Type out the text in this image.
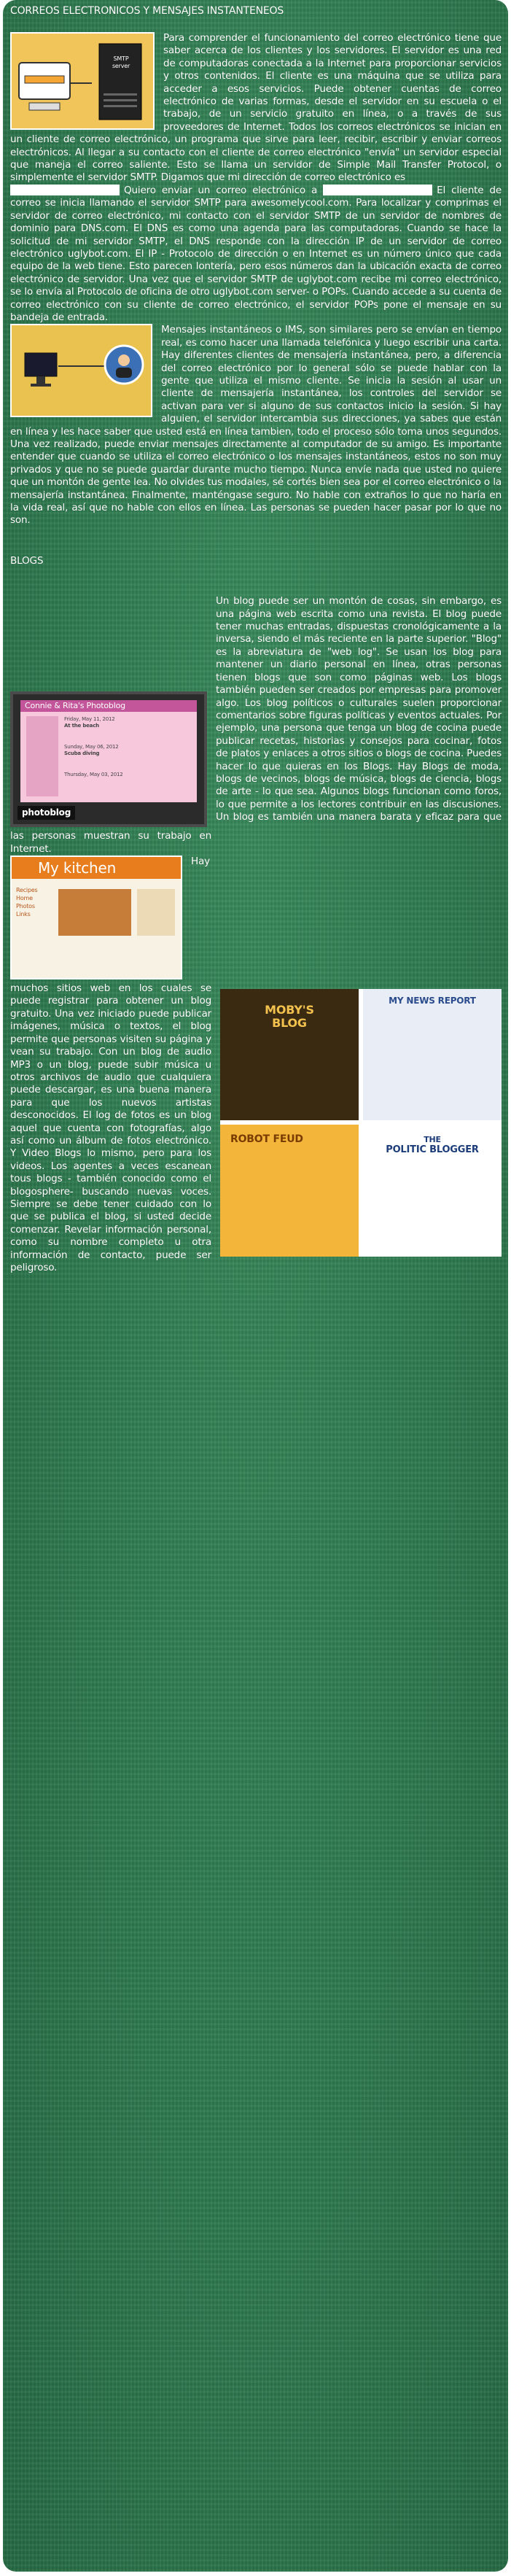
CORREOS ELECTRONICOS Y MENSAJES INSTANTENEOS

SMTP server

Para comprender el funcionamiento del correo electrónico tiene que saber acerca de los clientes y los servidores. El servidor es una red de computadoras conectada a la Internet para proporcionar servicios y otros contenidos. El cliente es una máquina que se utiliza para acceder a esos servicios. Puede obtener cuentas de correo electrónico de varias formas, desde el servidor en su escuela o el trabajo, de un servicio gratuito en línea, o a través de sus proveedores de Internet. Todos los correos electrónicos se inician en un cliente de correo electrónico, un programa que sirve para leer, recibir, escribir y enviar correos electrónicos. Al llegar a su contacto con el cliente de correo electrónico "envía" un servidor especial que maneja el correo saliente. Esto se llama un servidor de Simple Mail Transfer Protocol, o simplemente el servidor SMTP. Digamos que mi dirección de correo electrónico es

Quiero enviar un correo electrónico a	El cliente de correo se inicia llamando el servidor SMTP para awesomelycool.com. Para localizar y comprimas el servidor de correo electrónico, mi contacto con el servidor SMTP de un servidor de nombres de dominio para DNS.com. El DNS es como una agenda para las computadoras. Cuando se hace la solicitud de mi servidor SMTP, el DNS responde con la dirección IP de un servidor de correo electrónico uglybot.com. El IP - Protocolo de dirección o en Internet es un número único que cada equipo de la web tiene. Esto parecen lontería, pero esos números dan la ubicación exacta de correo electrónico de servidor. Una vez que el servidor SMTP de uglybot.com recibe mi correo electrónico, se lo envía al Protocolo de oficina de otro uglybot.com server- o POPs. Cuando accede a su cuenta de correo electrónico con su cliente de correo electrónico, el servidor POPs pone el mensaje en su bandeja de entrada.

Mensajes instantáneos o IMS, son similares pero se envían en tiempo real, es como hacer una llamada telefónica y luego escribir una carta. Hay diferentes clientes de mensajería instantánea, pero, a diferencia del correo electrónico por lo general sólo se puede hablar con la gente que utiliza el mismo cliente. Se inicia la sesión al usar un cliente de mensajería instantánea, los controles del servidor se activan para ver si alguno de sus contactos inicio la sesión. Si hay alguien, el servidor intercambia sus direcciones, ya sabes que están en línea y les hace saber que usted está en línea tambien, todo el proceso sólo toma unos segundos. Una vez realizado, puede enviar mensajes directamente al computador de su amigo. Es importante entender que cuando se utiliza el correo electrónico o los mensajes instantáneos, estos no son muy privados y que no se puede guardar durante mucho tiempo. Nunca envíe nada que usted no quiere que un montón de gente lea. No olvides tus modales, sé cortés bien sea por el correo electrónico o la mensajería instantánea. Finalmente, manténgase seguro. No hable con extraños lo que no haría en la vida real, así que no hable con ellos en línea. Las personas se pueden hacer pasar por lo que no son.

BLOGS

Connie & Rita's Photoblog
Friday, May 11, 2012
At the beach
Sunday, May 06, 2012
Scuba diving
Thursday, May 03, 2012
photoblog
MOBY'S BLOG
MY NEWS REPORT
ROBOT FEUD	THE
POLITIC BLOGGER

Un blog puede ser un montón de cosas, sin embargo, es una página web escrita como una revista. El blog puede tener muchas entradas, dispuestas cronológicamente a la inversa, siendo el más reciente en la parte superior. "Blog" es la abreviatura de "web log". Se usan los blog para mantener un diario personal en línea, otras personas tienen blogs que son como páginas web. Los blogs también pueden ser creados por empresas para promover algo. Los blog políticos o culturales suelen proporcionar comentarios sobre figuras políticas y eventos actuales. Por ejemplo, una persona que tenga un blog de cocina puede publicar recetas, historias y consejos para cocinar, fotos de platos y enlaces a otros sitios o blogs de cocina. Puedes hacer lo que quieras en los Blogs. Hay Blogs de moda, blogs de vecinos, blogs de música, blogs de ciencia, blogs de arte - lo que sea. Algunos blogs funcionan como foros, lo que permite a los lectores contribuir en las discusiones. Un blog es también una manera barata y eficaz para que las personas muestran su trabajo en Internet.

My kitchen
Recipes
Home
Photos
Links

Hay muchos sitios web en los cuales se puede registrar para obtener un blog gratuito. Una vez iniciado puede publicar imágenes, música o textos, el blog permite que personas visiten su página y vean su trabajo. Con un blog de audio MP3 o un blog, puede subir música u otros archivos de audio que cualquiera puede descargar, es una buena manera para que los nuevos artistas desconocidos. El log de fotos es un blog aquel que cuenta con fotografías, algo así como un álbum de fotos electrónico. Y Video Blogs lo mismo, pero para los videos. Los agentes a veces escanean tous blogs - también conocido como el blogosphere- buscando nuevas voces. Siempre se debe tener cuidado con lo que se publica el blog, si usted decide comenzar. Revelar información personal, como su nombre completo u otra información de contacto, puede ser peligroso.
